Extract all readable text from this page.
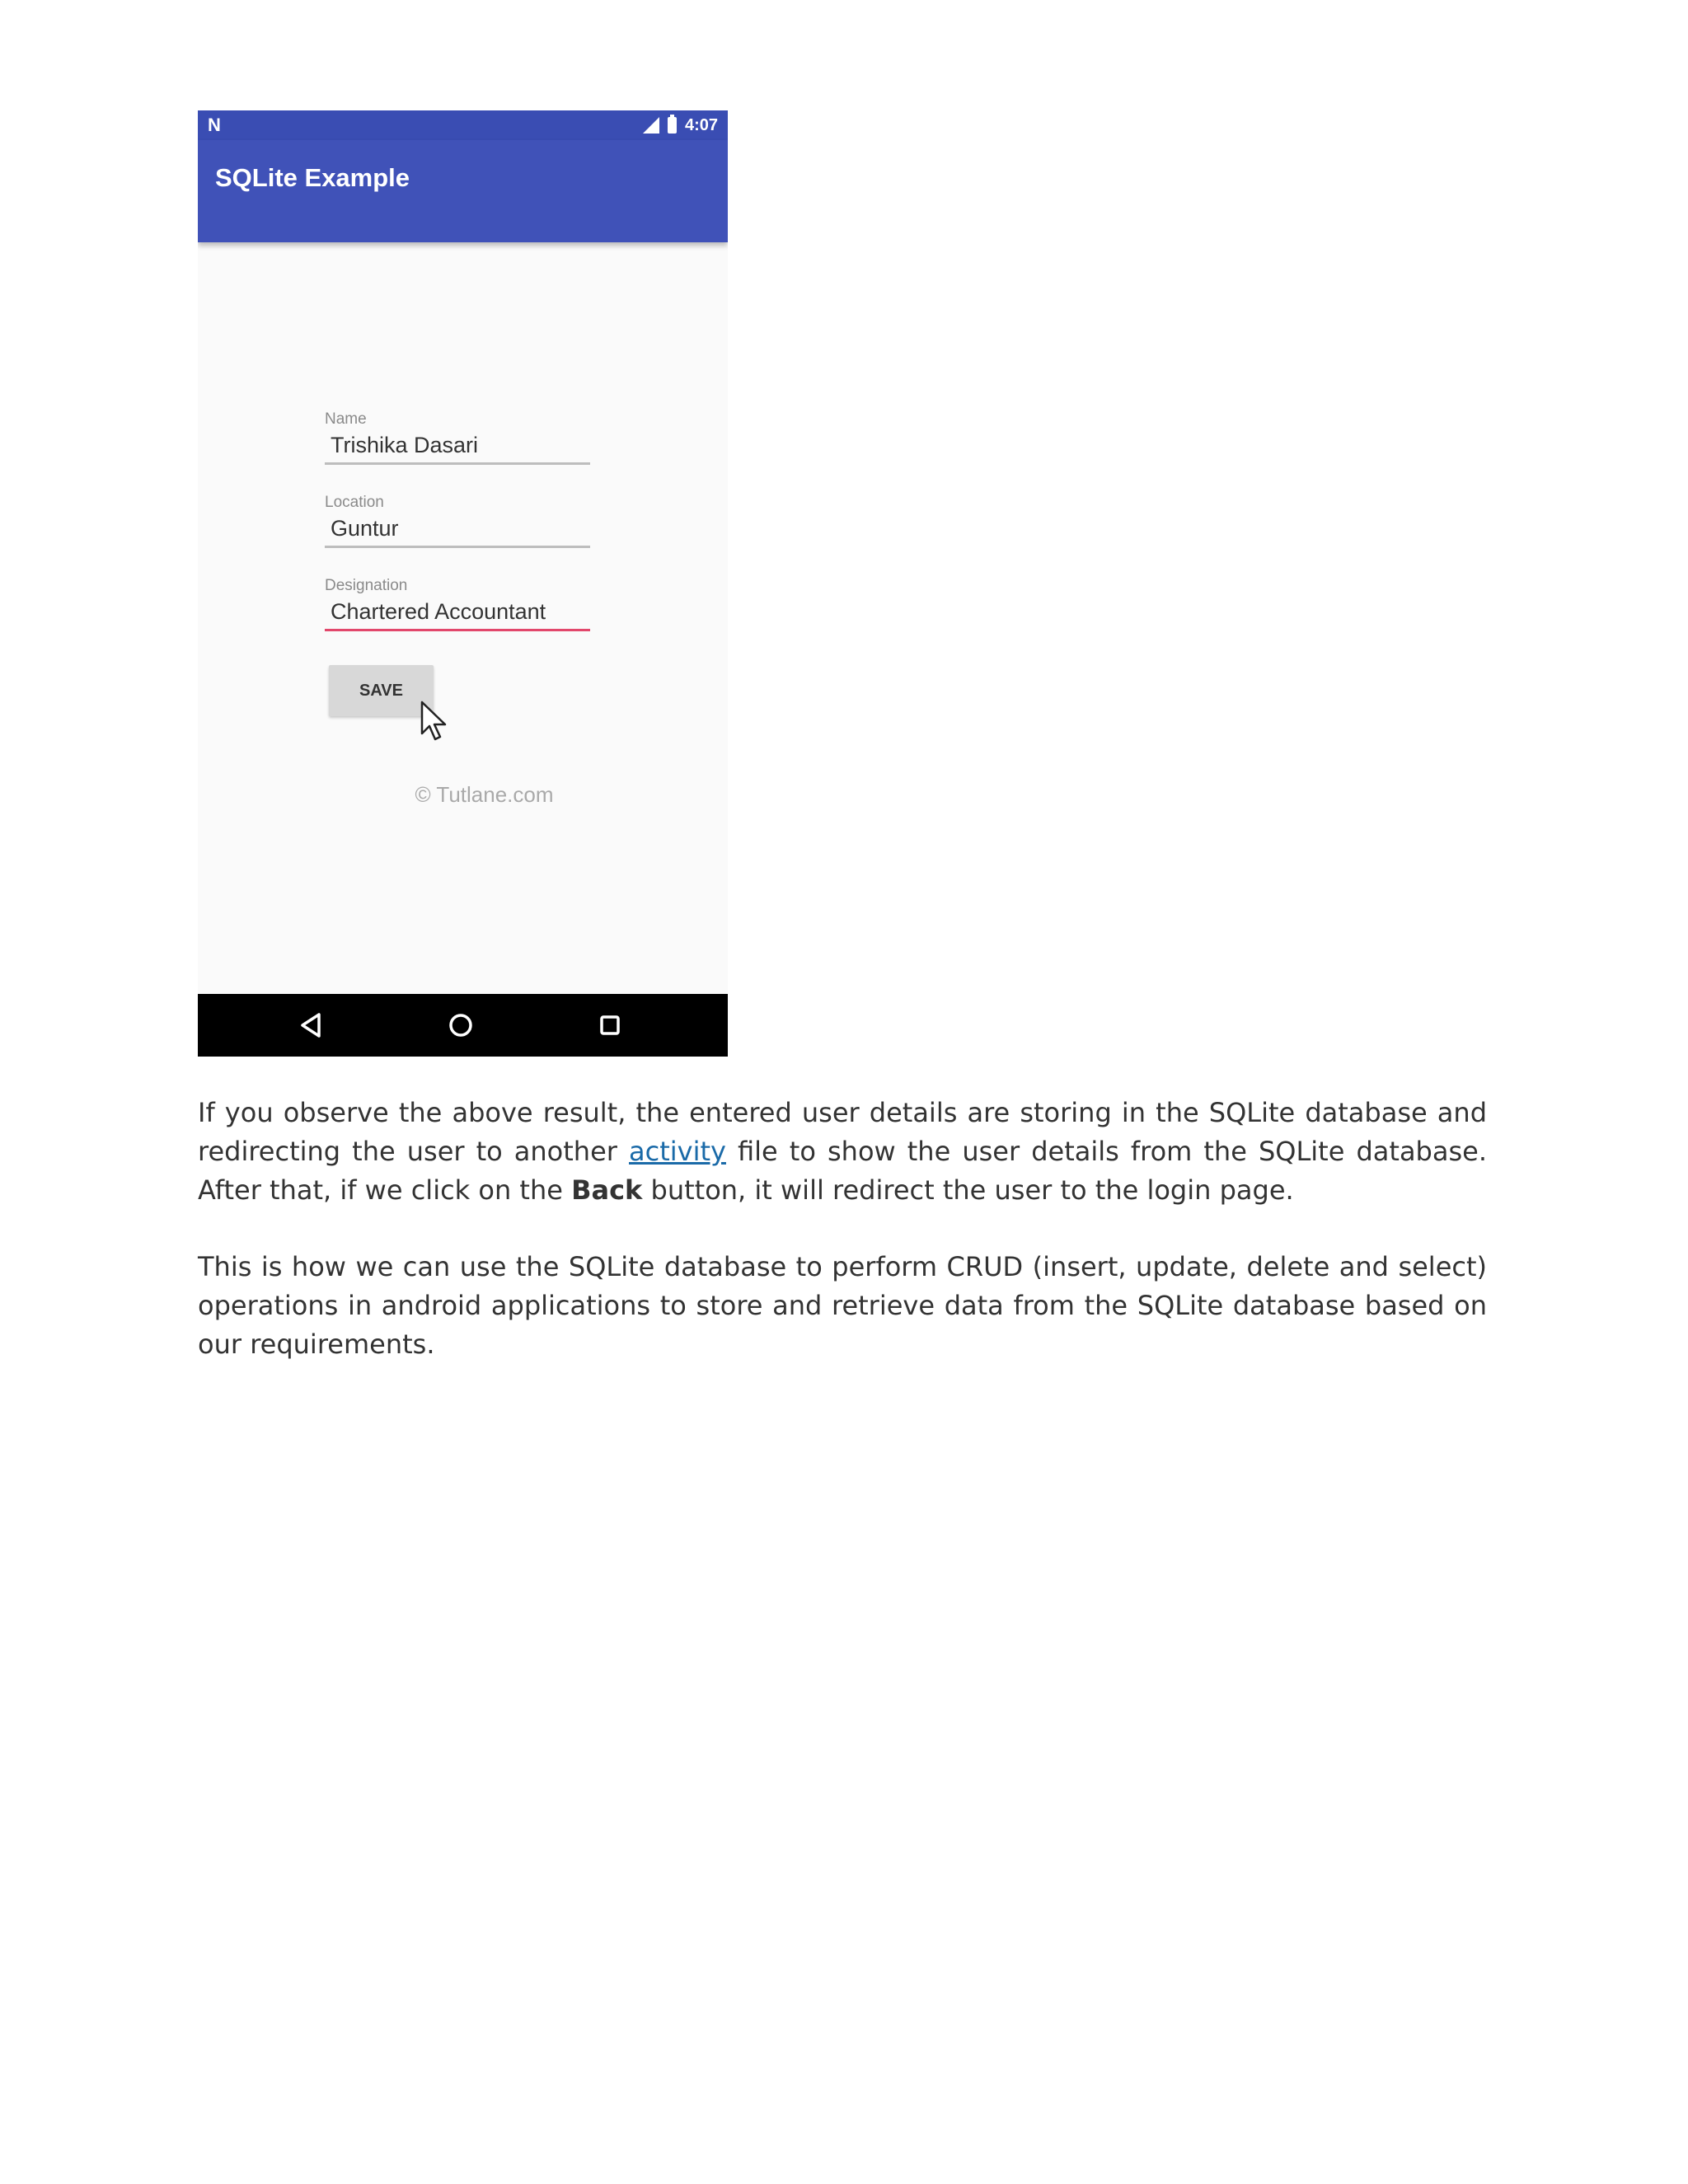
N	4:07
SQLite Example
Name
Trishika Dasari
Location
Guntur
Designation
Chartered Accountant
SAVE
© Tutlane.com

If you observe the above result, the entered user details are storing in the SQLite database and redirecting the user to another activity file to show the user details from the SQLite database. After that, if we click on the Back button, it will redirect the user to the login page.

This is how we can use the SQLite database to perform CRUD (insert, update, delete and select) operations in android applications to store and retrieve data from the SQLite database based on our requirements.
